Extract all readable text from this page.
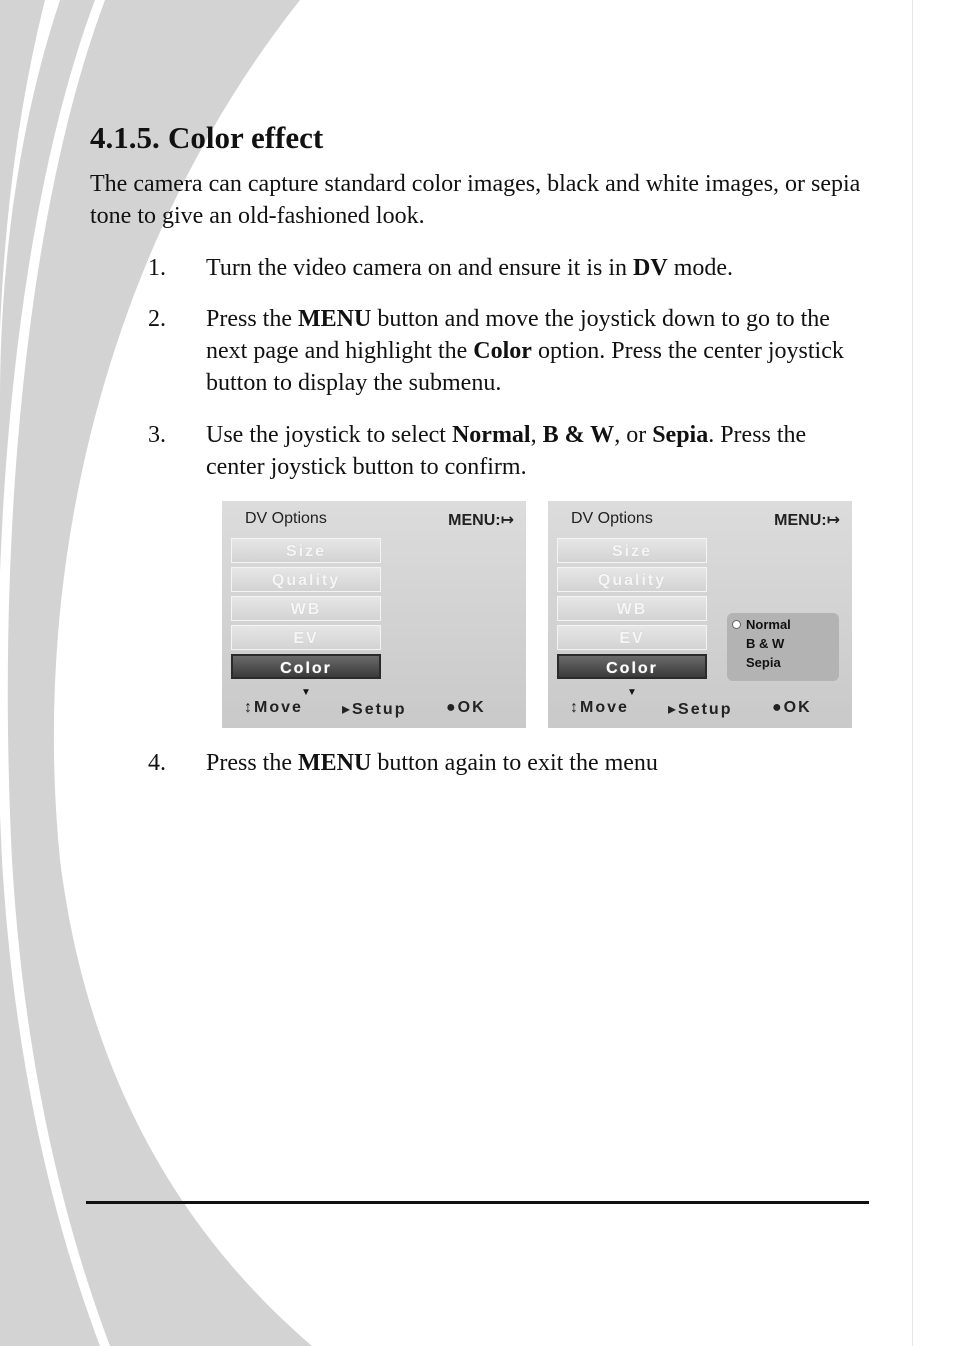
4.1.5. Color effect

The camera can capture standard color images, black and white images, or sepia tone to give an old-fashioned look.

1. Turn the video camera on and ensure it is in DV mode.
2. Press the MENU button and move the joystick down to go to the next page and highlight the Color option. Press the center joystick button to display the submenu.
3. Use the joystick to select Normal, B & W, or Sepia. Press the center joystick button to confirm.
DV Options	MENU:↦
Size
Quality
WB
EV
Color
▼
↕Move ▸Setup ●OK
DV Options	MENU:↦
Size
Quality
WB
EV
Color
Normal
B & W
Sepia
▼
↕Move ▸Setup ●OK
4. Press the MENU button again to exit the menu
